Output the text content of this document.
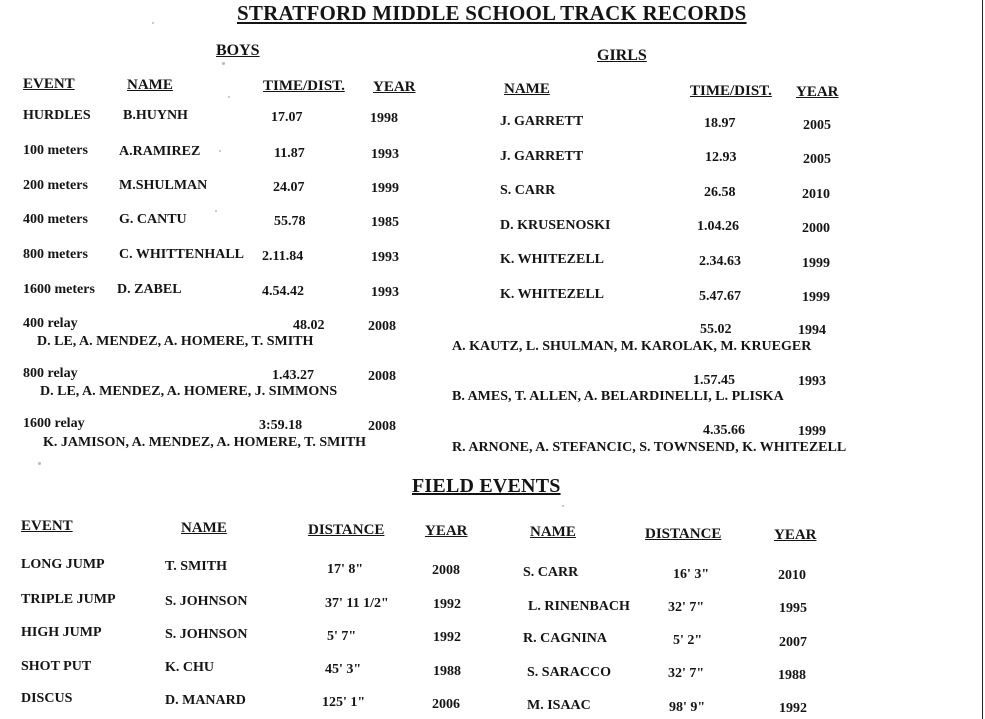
STRATFORD MIDDLE SCHOOL TRACK RECORDS
BOYS
EVENT	NAME	TIME/DIST. YEAR
GIRLS
NAME	TIME/DIST. YEAR
HURDLES B.HUYNH	17.07	1998
100 meters A.RAMIREZ	11.87	1993
200 meters M.SHULMAN	24.07	1999
400 meters G. CANTU	55.78	1985
800 meters C. WHITTENHALL 2.11.84	1993
1600 meters D. ZABEL	4.54.42	1993
400 relay	48.02	2008
D. LE, A. MENDEZ, A. HOMERE, T. SMITH
800 relay	1.43.27	2008
D. LE, A. MENDEZ, A. HOMERE, J. SIMMONS
1600 relay	3:59.18	2008
K. JAMISON, A. MENDEZ, A. HOMERE, T. SMITH
J. GARRETT	18.97	2005
J. GARRETT	12.93	2005
S. CARR	26.58	2010
D. KRUSENOSKI	1.04.26	2000
K. WHITEZELL	2.34.63	1999
K. WHITEZELL	5.47.67	1999
55.02	1994
A. KAUTZ, L. SHULMAN, M. KAROLAK, M. KRUEGER
1.57.45	1993
B. AMES, T. ALLEN, A. BELARDINELLI, L. PLISKA
4.35.66	1999
R. ARNONE, A. STEFANCIC, S. TOWNSEND, K. WHITEZELL
FIELD EVENTS
EVENT	NAME	DISTANCE	YEAR	NAME	DISTANCE	YEAR
LONG JUMP	T. SMITH	17' 8"	2008	S. CARR	16' 3"	2010
TRIPLE JUMP	S. JOHNSON	37' 11 1/2"	1992	L. RINENBACH	32' 7"	1995
HIGH JUMP	S. JOHNSON	5' 7"	1992	R. CAGNINA	5' 2"	2007
SHOT PUT	K. CHU	45' 3"	1988	S. SARACCO	32' 7"	1988
DISCUS	D. MANARD	125' 1"	2006	M. ISAAC	98' 9"	1992
